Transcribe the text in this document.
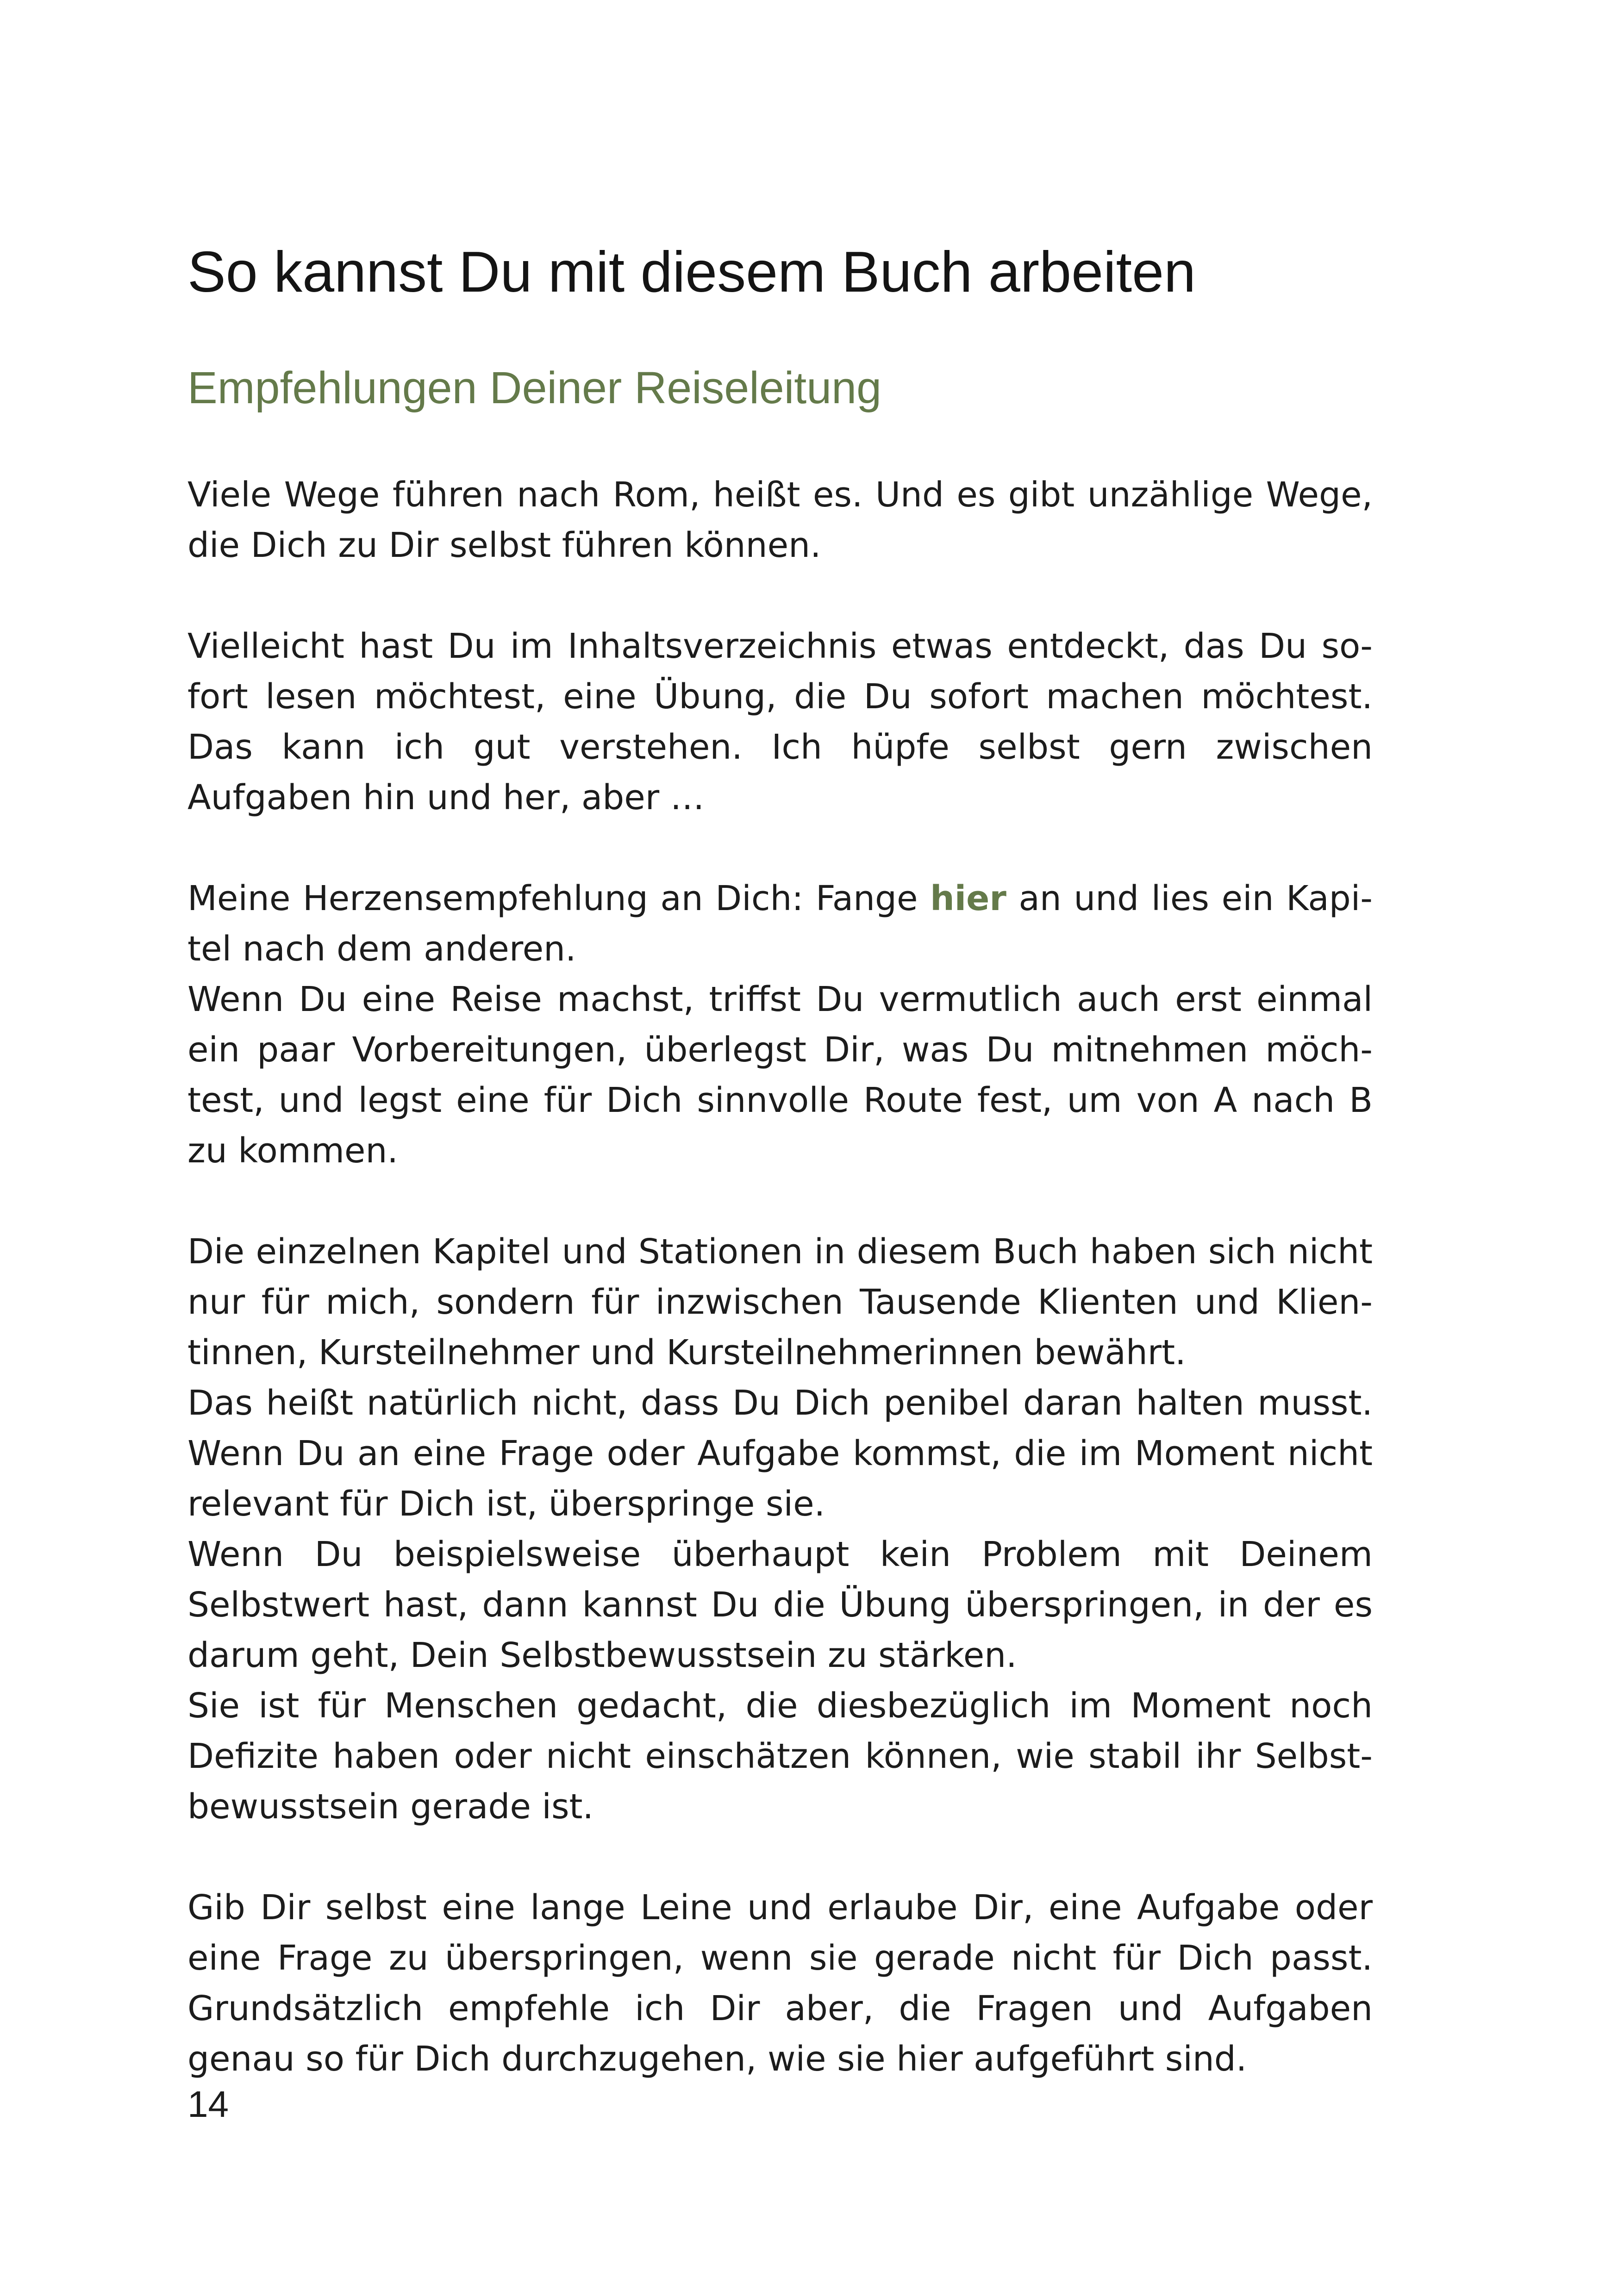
So kannst Du mit diesem Buch arbeiten
Empfehlungen Deiner Reiseleitung

Viele Wege führen nach Rom, heißt es. Und es gibt unzählige Wege, die Dich zu Dir selbst führen können.

Vielleicht hast Du im Inhaltsverzeichnis etwas entdeckt, das Du sofort lesen möchtest, eine Übung, die Du sofort machen möchtest. Das kann ich gut verstehen. Ich hüpfe selbst gern zwischen Aufgaben hin und her, aber …

Meine Herzensempfehlung an Dich: Fange hier an und lies ein Kapitel nach dem anderen.

Wenn Du eine Reise machst, triffst Du vermutlich auch erst einmal ein paar Vorbereitungen, überlegst Dir, was Du mitnehmen möchtest, und legst eine für Dich sinnvolle Route fest, um von A nach B zu kommen.

Die einzelnen Kapitel und Stationen in diesem Buch haben sich nicht nur für mich, sondern für inzwischen Tausende Klienten und Klientinnen, Kursteilnehmer und Kursteilnehmerinnen bewährt.

Das heißt natürlich nicht, dass Du Dich penibel daran halten musst. Wenn Du an eine Frage oder Aufgabe kommst, die im Moment nicht relevant für Dich ist, überspringe sie.

Wenn Du beispielsweise überhaupt kein Problem mit Deinem Selbstwert hast, dann kannst Du die Übung überspringen, in der es darum geht, Dein Selbstbewusstsein zu stärken.

Sie ist für Menschen gedacht, die diesbezüglich im Moment noch Defizite haben oder nicht einschätzen können, wie stabil ihr Selbstbewusstsein gerade ist.

Gib Dir selbst eine lange Leine und erlaube Dir, eine Aufgabe oder eine Frage zu überspringen, wenn sie gerade nicht für Dich passt. Grundsätzlich empfehle ich Dir aber, die Fragen und Aufgaben genau so für Dich durchzugehen, wie sie hier aufgeführt sind.

14
